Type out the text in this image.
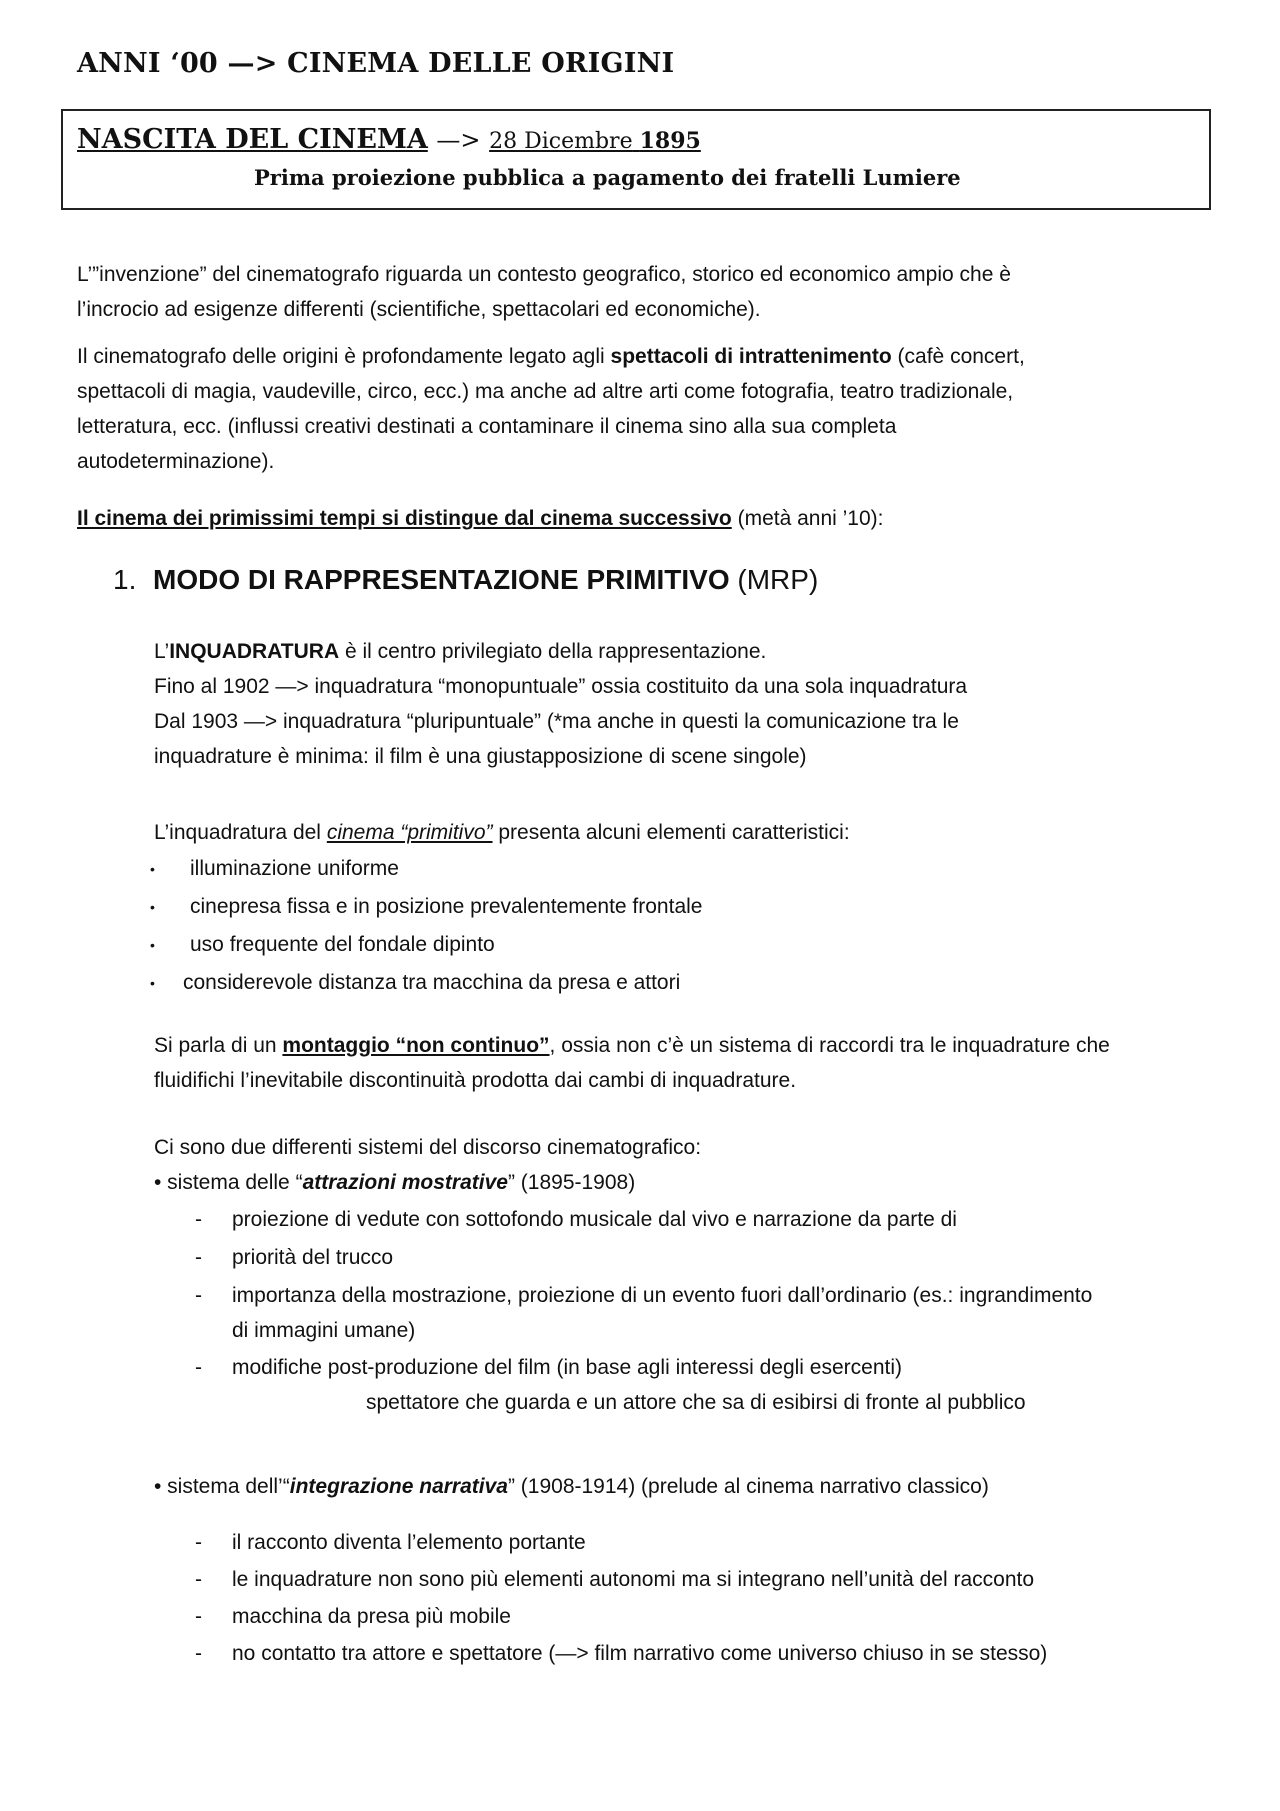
ANNI ‘00 —> CINEMA DELLE ORIGINI
NASCITA DEL CINEMA —> 28 Dicembre 1895
Prima proiezione pubblica a pagamento dei fratelli Lumiere
L’”invenzione” del cinematografo riguarda un contesto geografico, storico ed economico ampio che è
l’incrocio ad esigenze differenti (scientifiche, spettacolari ed economiche).
Il cinematografo delle origini è profondamente legato agli spettacoli di intrattenimento (cafè concert,
spettacoli di magia, vaudeville, circo, ecc.) ma anche ad altre arti come fotografia, teatro tradizionale,
letteratura, ecc. (influssi creativi destinati a contaminare il cinema sino alla sua completa
autodeterminazione).
Il cinema dei primissimi tempi si distingue dal cinema successivo (metà anni ’10):
1. MODO DI RAPPRESENTAZIONE PRIMITIVO (MRP)
L’INQUADRATURA è il centro privilegiato della rappresentazione.
Fino al 1902 —> inquadratura “monopuntuale” ossia costituito da una sola inquadratura
Dal 1903 —> inquadratura “pluripuntuale” (*ma anche in questi la comunicazione tra le
inquadrature è minima: il film è una giustapposizione di scene singole)
L’inquadratura del cinema “primitivo” presenta alcuni elementi caratteristici:
•	illuminazione uniforme
•	cinepresa fissa e in posizione prevalentemente frontale
•	uso frequente del fondale dipinto
•	considerevole distanza tra macchina da presa e attori
Si parla di un montaggio “non continuo”, ossia non c’è un sistema di raccordi tra le inquadrature che
fluidifichi l’inevitabile discontinuità prodotta dai cambi di inquadrature.
Ci sono due differenti sistemi del discorso cinematografico:
• sistema delle “attrazioni mostrative” (1895-1908)
- proiezione di vedute con sottofondo musicale dal vivo e narrazione da parte di
- priorità del trucco
- importanza della mostrazione, proiezione di un evento fuori dall’ordinario (es.: ingrandimento
di immagini umane)
- modifiche post-produzione del film (in base agli interessi degli esercenti)
spettatore che guarda e un attore che sa di esibirsi di fronte al pubblico
• sistema dell’“integrazione narrativa” (1908-1914) (prelude al cinema narrativo classico)
- il racconto diventa l’elemento portante
- le inquadrature non sono più elementi autonomi ma si integrano nell’unità del racconto
- macchina da presa più mobile
- no contatto tra attore e spettatore (—> film narrativo come universo chiuso in se stesso)
